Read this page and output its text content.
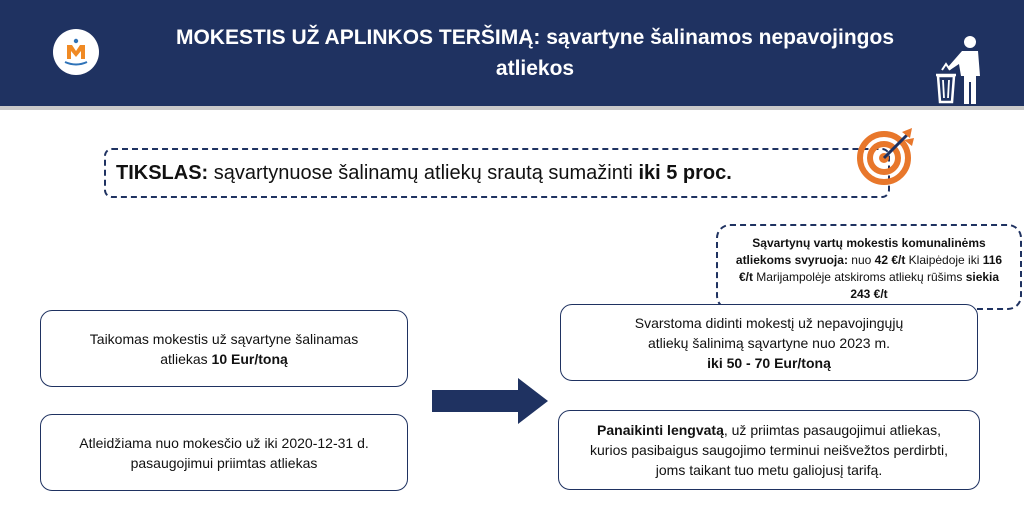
MOKESTIS UŽ APLINKOS TERŠIMĄ: sąvartyne šalinamos nepavojingos
atliekos
TIKSLAS: sąvartynuose šalinamų atliekų srautą sumažinti iki 5 proc.
Sąvartynų vartų mokestis komunalinėms atliekoms svyruoja: nuo 42 €/t Klaipėdoje iki 116 €/t Marijampolėje atskiroms atliekų rūšims siekia 243 €/t
Taikomas mokestis už sąvartyne šalinamas
atliekas 10 Eur/toną
Atleidžiama nuo mokesčio už iki 2020-12-31 d.
pasaugojimui priimtas atliekas
Svarstoma didinti mokestį už nepavojingųjų
atliekų šalinimą sąvartyne nuo 2023 m.
iki 50 - 70 Eur/toną
Panaikinti lengvatą, už priimtas pasaugojimui atliekas,
kurios pasibaigus saugojimo terminui neišvežtos perdirbti,
joms taikant tuo metu galiojusį tarifą.
